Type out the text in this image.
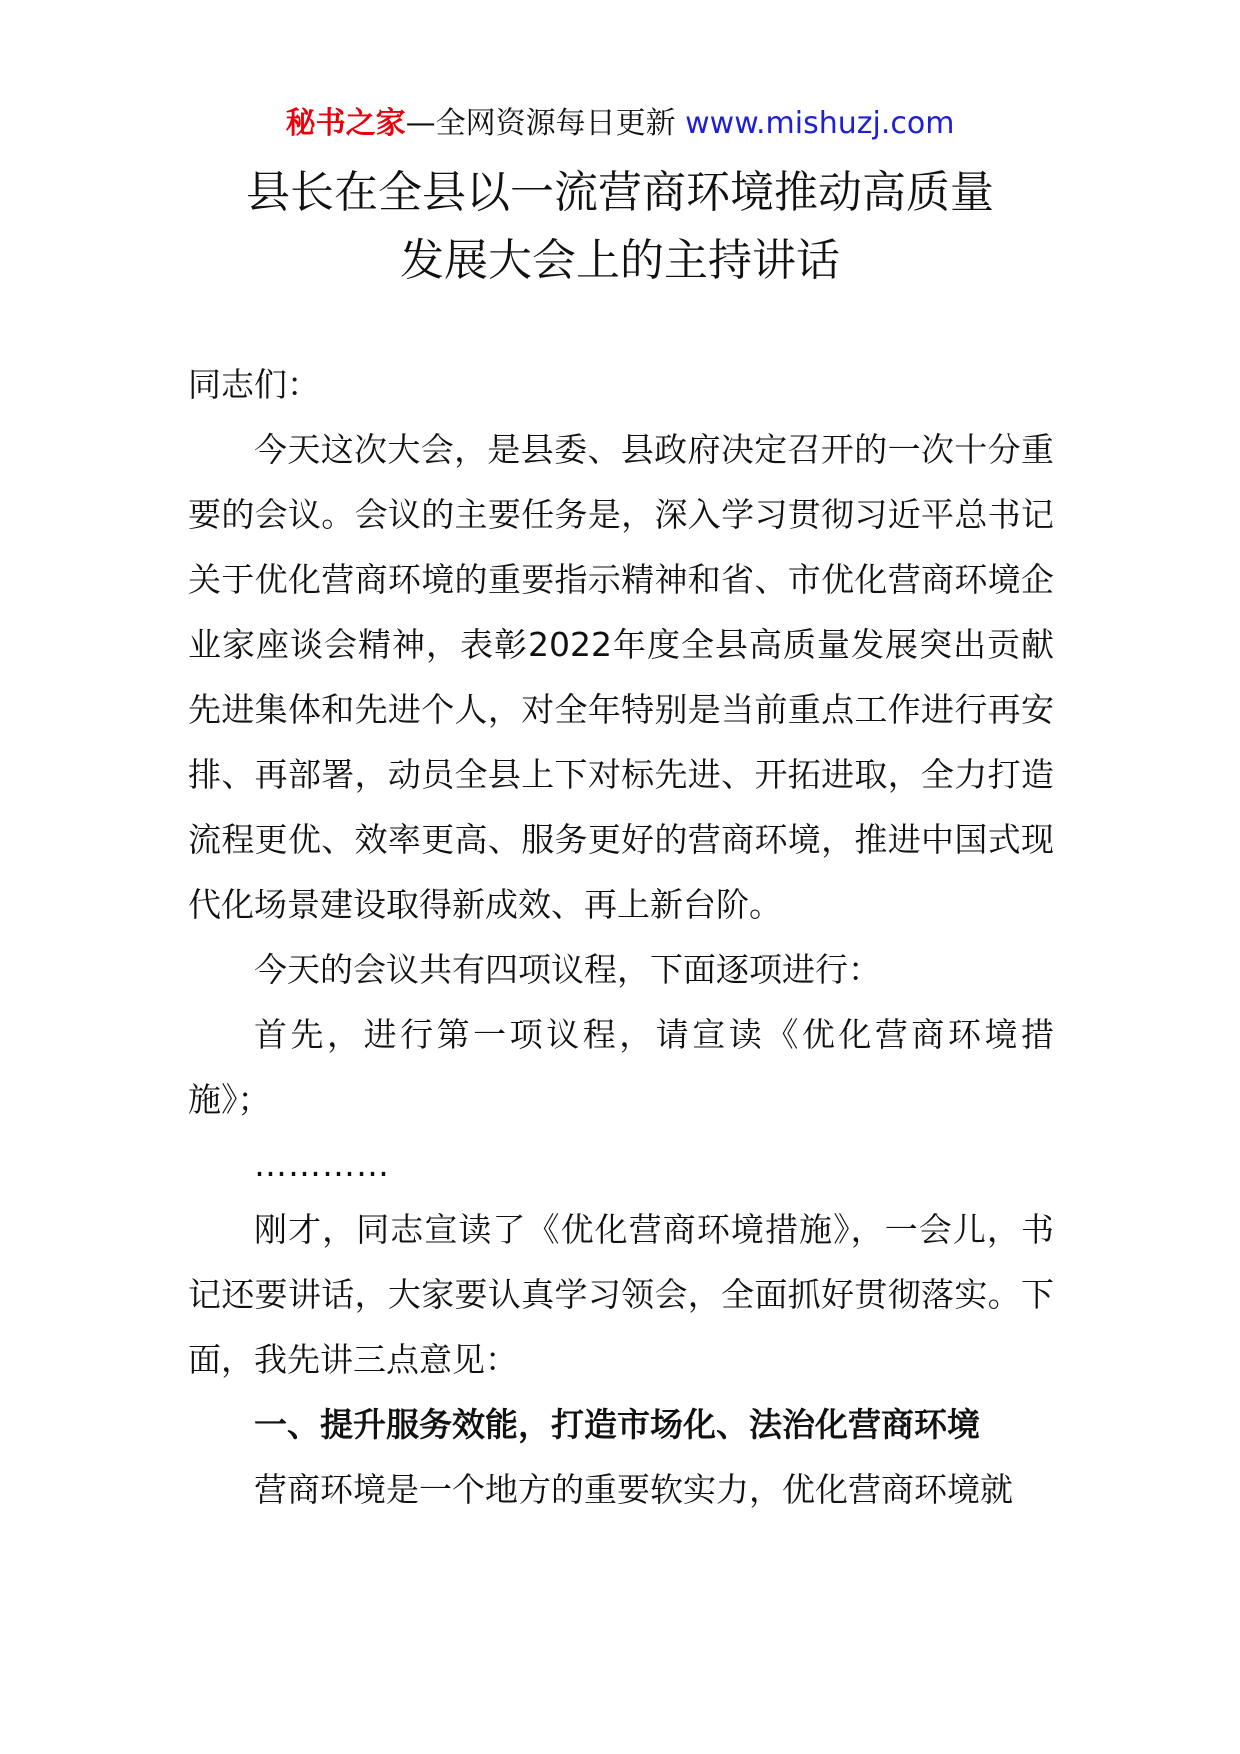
秘书之家—全网资源每日更新 www.mishuzj.com
县长在全县以一流营商环境推动高质量
发展大会上的主持讲话

同志们：

今天这次大会，是县委、县政府决定召开的一次十分重要的会议。会议的主要任务是，深入学习贯彻习近平总书记关于优化营商环境的重要指示精神和省、市优化营商环境企业家座谈会精神，表彰2022年度全县高质量发展突出贡献先进集体和先进个人，对全年特别是当前重点工作进行再安排、再部署，动员全县上下对标先进、开拓进取，全力打造流程更优、效率更高、服务更好的营商环境，推进中国式现代化场景建设取得新成效、再上新台阶。

今天的会议共有四项议程，下面逐项进行：

首先，进行第一项议程，请宣读《优化营商环境措施》；

…………

刚才，同志宣读了《优化营商环境措施》，一会儿，书记还要讲话，大家要认真学习领会，全面抓好贯彻落实。下面，我先讲三点意见：

一、提升服务效能，打造市场化、法治化营商环境

营商环境是一个地方的重要软实力，优化营商环境就
